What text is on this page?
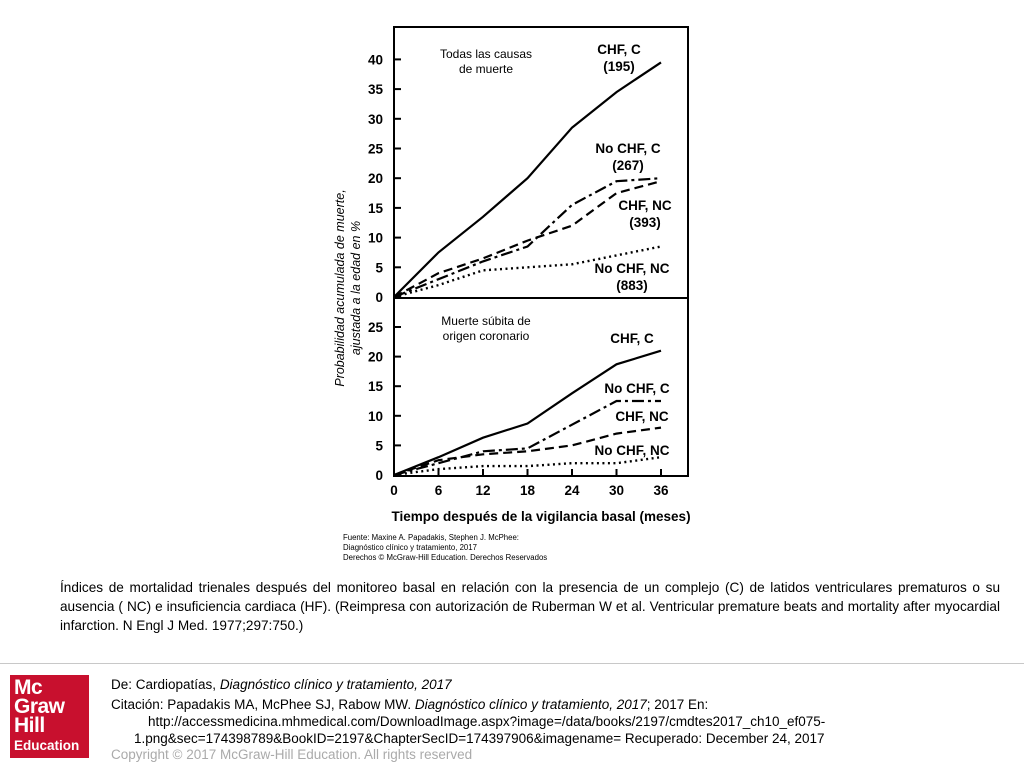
0
5
10
15
20
25
30
35
40
0
5
10
15
20
25
0	6 12 18 24 30 36
Todas las causas
de muerte
CHF, C
(195)
No CHF, C
(267)
CHF, NC
(393)
No CHF, NC
(883)
Muerte súbita de
origen coronario	CHF, C
No CHF, C
CHF, NC
No CHF, NC
Probabilidad acumulada de muerte, ajustada a la edad en %
Tiempo después de la vigilancia basal (meses)
Fuente: Maxine A. Papadakis, Stephen J. McPhee:
Diagnóstico clínico y tratamiento, 2017
Derechos © McGraw-Hill Education. Derechos Reservados
Índices de mortalidad trienales después del monitoreo basal en relación con la presencia de un complejo (C) de latidos ventriculares prematuros o su ausencia ( NC) e insuficiencia cardiaca (HF). (Reimpresa con autorización de Ruberman W et al. Ventricular premature beats and mortality after myocardial infarction. N Engl J Med. 1977;297:750.)
Mc
Graw
Hill
Education
De: Cardiopatías, Diagnóstico clínico y tratamiento, 2017
Citación: Papadakis MA, McPhee SJ, Rabow MW. Diagnóstico clínico y tratamiento, 2017; 2017 En:
http://accessmedicina.mhmedical.com/DownloadImage.aspx?image=/data/books/2197/cmdtes2017_ch10_ef075-
1.png&sec=174398789&BookID=2197&ChapterSecID=174397906&imagename= Recuperado: December 24, 2017
Copyright © 2017 McGraw-Hill Education. All rights reserved
